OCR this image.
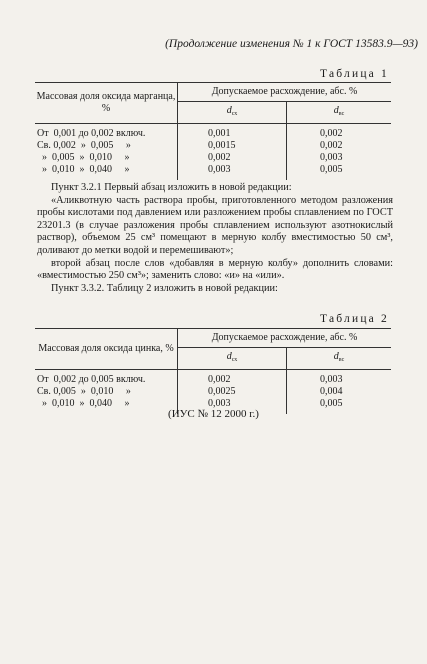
(Продолжение изменения № 1 к ГОСТ 13583.9—93)
Таблица 1
Массовая доля оксида марганца, %	Допускаемое расхождение, абс. %	
	$d_{сх}$	$d_{вс}$
От  0,001 до 0,002 включ.	0,001	0,002
Св. 0,002  »  0,005     »	0,0015	0,002
»  0,005  »  0,010     »	0,002	0,003
»  0,010  »  0,040     »	0,003	0,005

Пункт 3.2.1 Первый абзац изложить в новой редакции:

«Аликвотную часть раствора пробы, приготовленного методом разложения пробы кислотами под давлением или разложением пробы сплавлением по ГОСТ 23201.3 (в случае разложения пробы сплавлением используют азотнокислый раствор), объемом 25 см³ помещают в мерную колбу вместимостью 50 см³, доливают до метки водой и перемешивают»;

второй абзац после слов «добавляя в мерную колбу» дополнить словами: «вместимостью 250 см³»; заменить слово: «и» на «или».

Пункт 3.3.2. Таблицу 2 изложить в новой редакции:

Таблица 2
Массовая доля оксида цинка, %	Допускаемое расхождение, абс. %	
	$d_{сх}$	$d_{вс}$
От  0,002 до 0,005 включ.	0,002	0,003
Св. 0,005  »  0,010     »	0,0025	0,004
»  0,010  »  0,040     »	0,003	0,005
(ИУС № 12 2000 г.)
